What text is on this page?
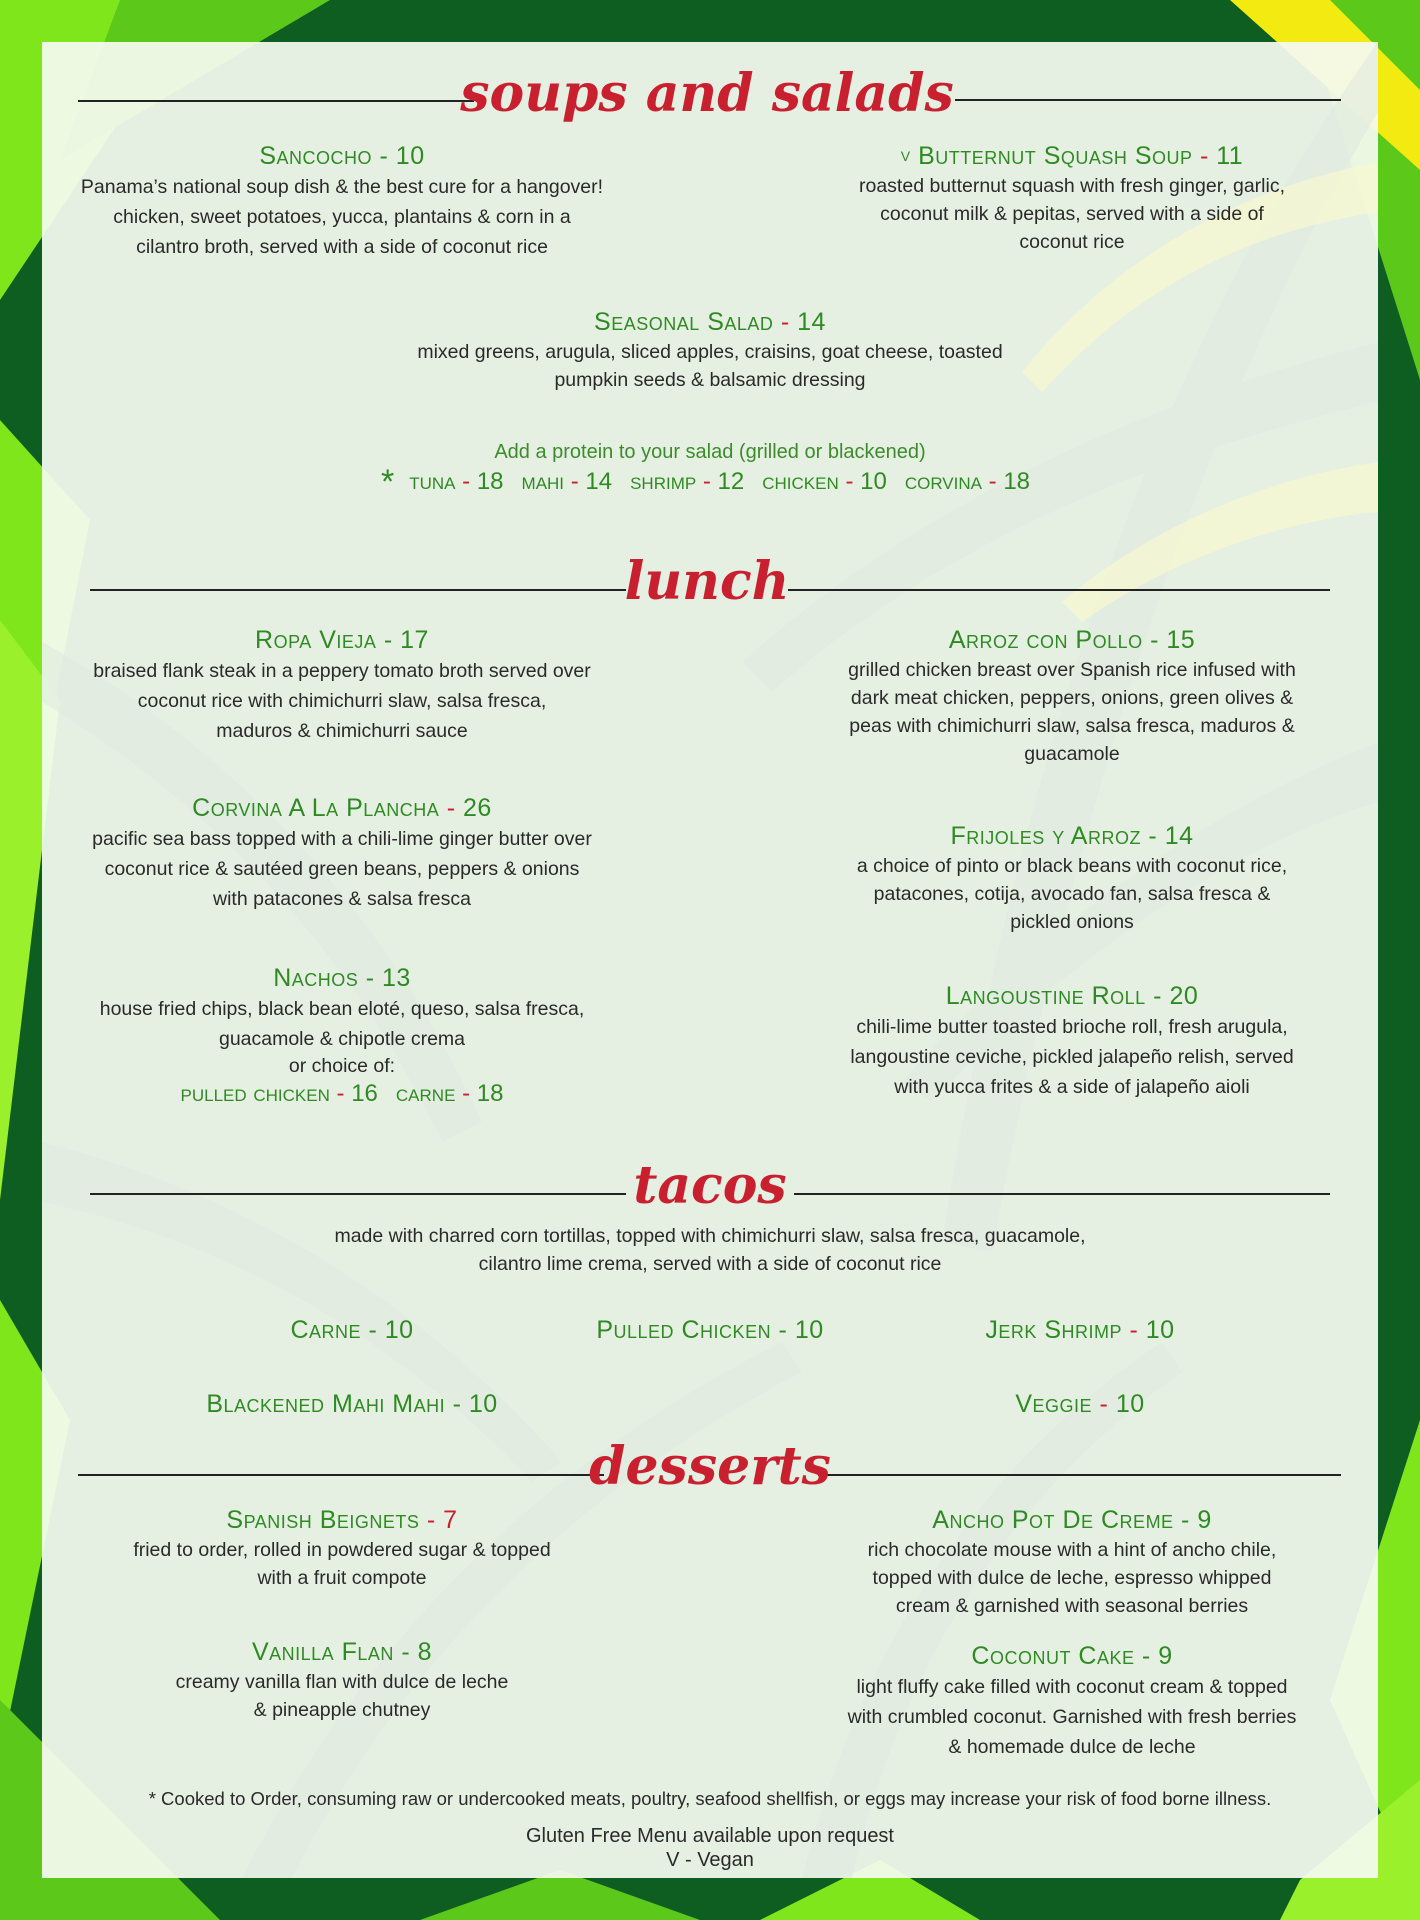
soups and salads
Sancocho - 10
Panama’s national soup dish & the best cure for a hangover!
chicken, sweet potatoes, yucca, plantains & corn in a
cilantro broth, served with a side of coconut rice
$^V$ Butternut Squash Soup - 11
roasted butternut squash with fresh ginger, garlic,
coconut milk & pepitas, served with a side of
coconut rice
Seasonal Salad - 14
mixed greens, arugula, sliced apples, craisins, goat cheese, toasted
pumpkin seeds & balsamic dressing
Add a protein to your salad (grilled or blackened)
* tuna - 18 mahi - 14 shrimp - 12 chicken - 10 corvina - 18
lunch
Ropa Vieja - 17
braised flank steak in a peppery tomato broth served over
coconut rice with chimichurri slaw, salsa fresca,
maduros & chimichurri sauce
Arroz con Pollo - 15
grilled chicken breast over Spanish rice infused with
dark meat chicken, peppers, onions, green olives &
peas with chimichurri slaw, salsa fresca, maduros &
guacamole
Corvina A La Plancha - 26
pacific sea bass topped with a chili-lime ginger butter over
coconut rice & sautéed green beans, peppers & onions
with patacones & salsa fresca
Frijoles y Arroz - 14
a choice of pinto or black beans with coconut rice,
patacones, cotija, avocado fan, salsa fresca &
pickled onions
Nachos - 13
house fried chips, black bean eloté, queso, salsa fresca,
guacamole & chipotle crema
or choice of:
pulled chicken - 16 carne - 18
Langoustine Roll - 20
chili-lime butter toasted brioche roll, fresh arugula,
langoustine ceviche, pickled jalapeño relish, served
with yucca frites & a side of jalapeño aioli
tacos
made with charred corn tortillas, topped with chimichurri slaw, salsa fresca, guacamole,
cilantro lime crema, served with a side of coconut rice
Carne - 10	Pulled Chicken - 10	Jerk Shrimp - 10
Blackened Mahi Mahi - 10	Veggie - 10
desserts
Spanish Beignets - 7
fried to order, rolled in powdered sugar & topped
with a fruit compote
Ancho Pot De Creme - 9
rich chocolate mouse with a hint of ancho chile,
topped with dulce de leche, espresso whipped
cream & garnished with seasonal berries
Vanilla Flan - 8
creamy vanilla flan with dulce de leche
& pineapple chutney
Coconut Cake - 9
light fluffy cake filled with coconut cream & topped
with crumbled coconut. Garnished with fresh berries
& homemade dulce de leche
* Cooked to Order, consuming raw or undercooked meats, poultry, seafood shellfish, or eggs may increase your risk of food borne illness.
Gluten Free Menu available upon request
V - Vegan
